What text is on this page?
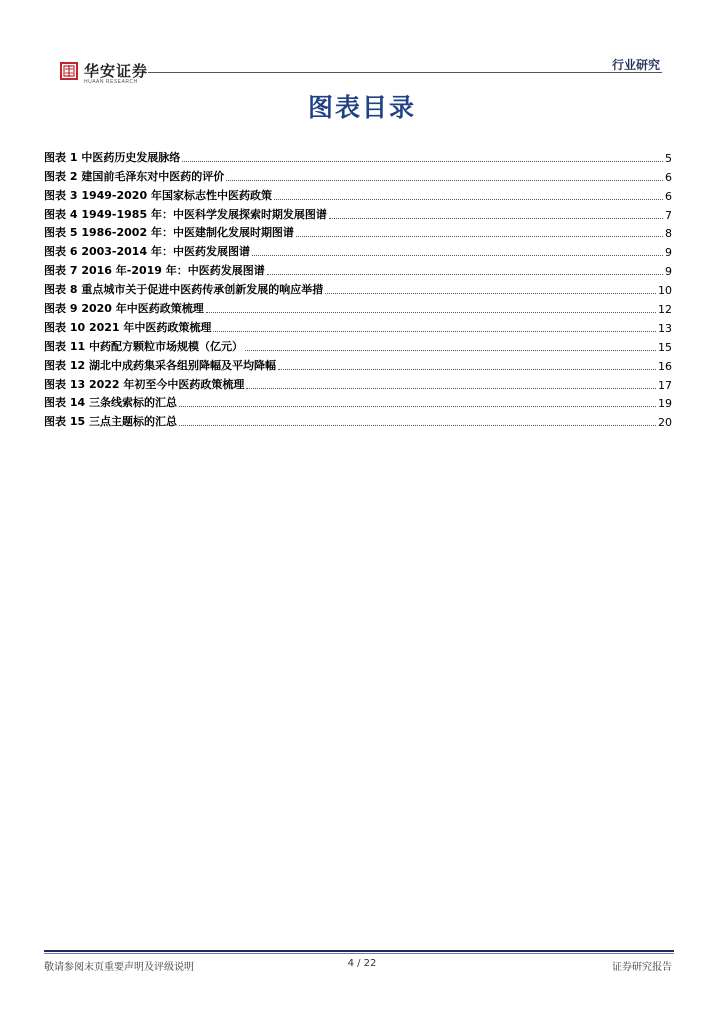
华安证券
HUAAN RESEARCH
行业研究
图表目录
图表 1 中医药历史发展脉络	5
图表 2 建国前毛泽东对中医药的评价	6
图表 3 1949-2020 年国家标志性中医药政策	6
图表 4 1949-1985 年：中医科学发展探索时期发展图谱	7
图表 5 1986-2002 年：中医建制化发展时期图谱	8
图表 6 2003-2014 年：中医药发展图谱	9
图表 7 2016 年-2019 年：中医药发展图谱	9
图表 8 重点城市关于促进中医药传承创新发展的响应举措	10
图表 9 2020 年中医药政策梳理	12
图表 10 2021 年中医药政策梳理	13
图表 11 中药配方颗粒市场规模（亿元）	15
图表 12 湖北中成药集采各组别降幅及平均降幅	16
图表 13 2022 年初至今中医药政策梳理	17
图表 14 三条线索标的汇总	19
图表 15 三点主题标的汇总	20
敬请参阅末页重要声明及评级说明	4 / 22	证券研究报告
